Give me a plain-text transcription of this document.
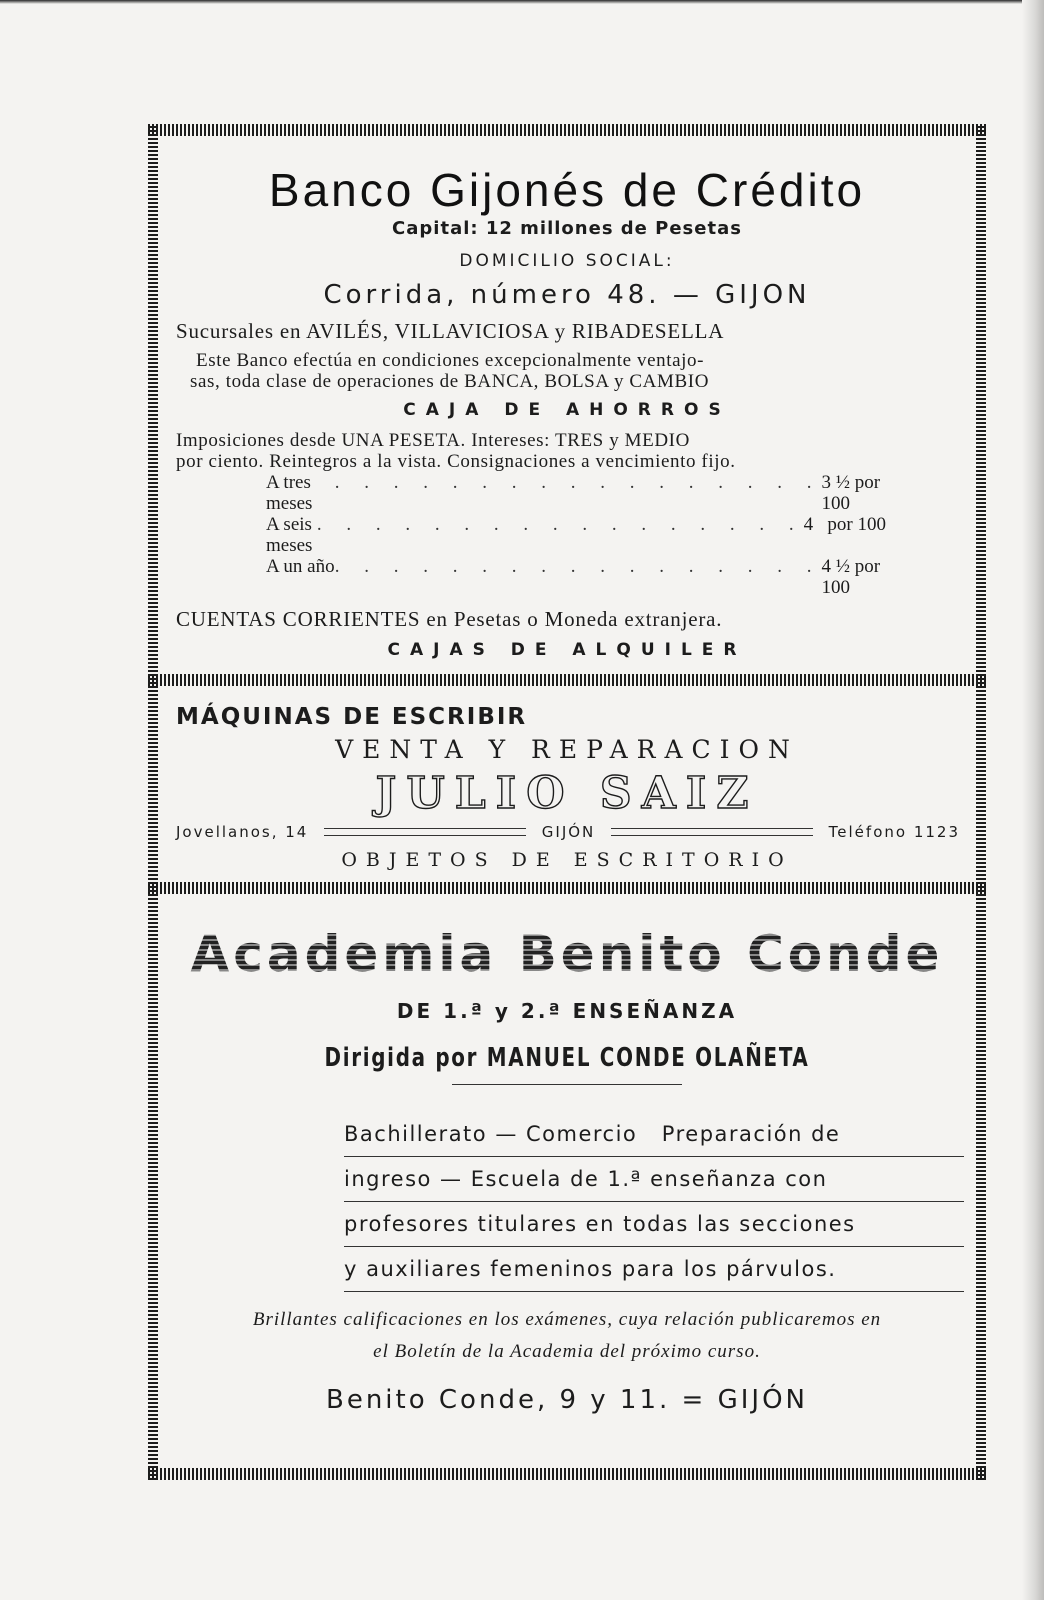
Banco Gijonés de Crédito
Capital: 12 millones de Pesetas
DOMICILIO SOCIAL:
Corrida, número 48. — GIJON
Sucursales en AVILÉS, VILLAVICIOSA y RIBADESELLA
Este Banco efectúa en condiciones excepcionalmente ventajo-
sas, toda clase de operaciones de BANCA, BOLSA y CAMBIO
CAJA DE AHORROS
Imposiciones desde UNA PESETA. Intereses: TRES y MEDIO
por ciento. Reintegros a la vista. Consignaciones a vencimiento fijo.
A tres meses
. . . . . . . . . . . . . . . . . 3 ½ por 100
A seis meses
. . . . . . . . . . . . . . . . . 4   por 100
A un año . . . . . . . . . . . . . . . . . 4 ½ por 100
CUENTAS CORRIENTES en Pesetas o Moneda extranjera.
CAJAS DE ALQUILER
MÁQUINAS DE ESCRIBIR
VENTA Y REPARACION
JULIO SAIZ
Jovellanos, 14	GIJÓN	Teléfono 1123
OBJETOS DE ESCRITORIO
Academia Benito Conde
DE 1.ª y 2.ª ENSEÑANZA
Dirigida por MANUEL CONDE OLAÑETA
Bachillerato — Comercio   Preparación de
ingreso — Escuela de 1.ª enseñanza con
profesores titulares en todas las secciones
y auxiliares femeninos para los párvulos.
Brillantes calificaciones en los exámenes, cuya relación publicaremos en
el Boletín de la Academia del próximo curso.
Benito Conde, 9 y 11. = GIJÓN
